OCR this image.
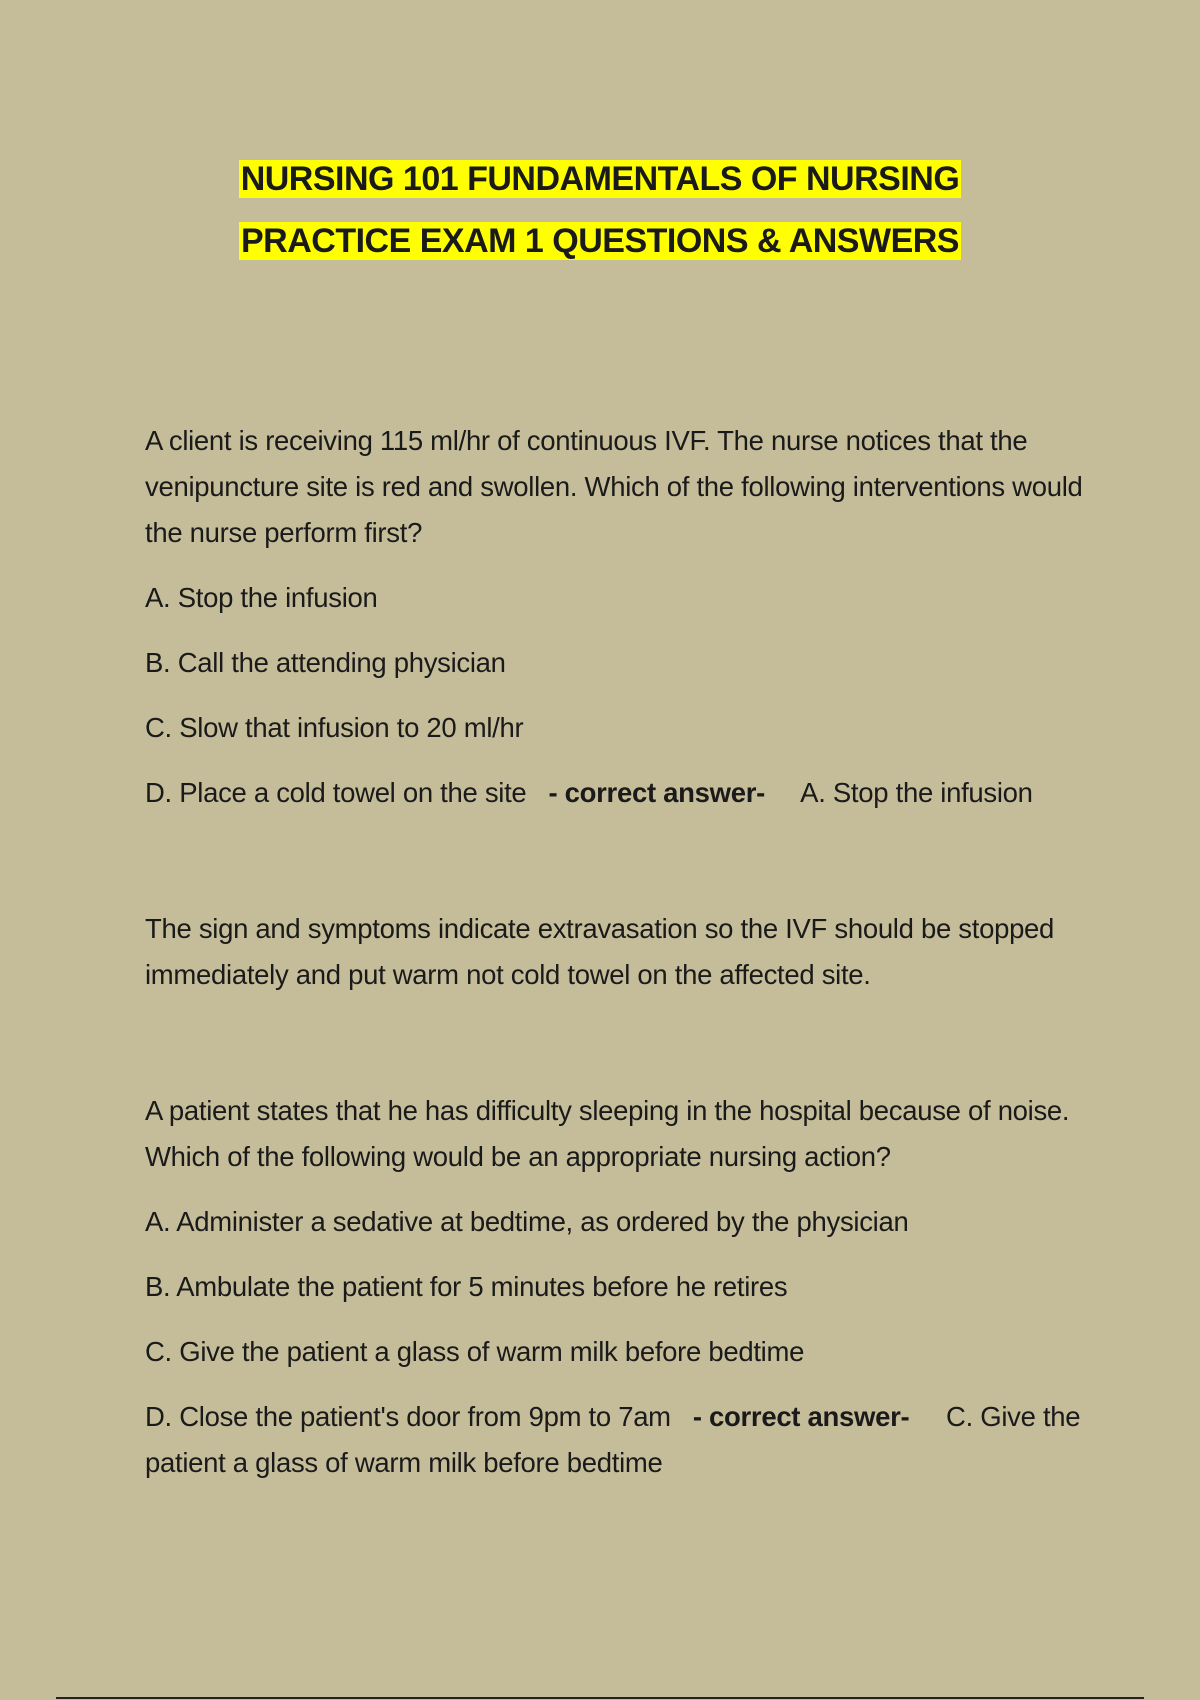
NURSING 101 FUNDAMENTALS OF NURSING
PRACTICE EXAM 1 QUESTIONS & ANSWERS

A client is receiving 115 ml/hr of continuous IVF. The nurse notices that the venipuncture site is red and swollen. Which of the following interventions would the nurse perform first?

A. Stop the infusion

B. Call the attending physician

C. Slow that infusion to 20 ml/hr

D. Place a cold towel on the site - correct answer- A. Stop the infusion

The sign and symptoms indicate extravasation so the IVF should be stopped immediately and put warm not cold towel on the affected site.

A patient states that he has difficulty sleeping in the hospital because of noise. Which of the following would be an appropriate nursing action?

A. Administer a sedative at bedtime, as ordered by the physician

B. Ambulate the patient for 5 minutes before he retires

C. Give the patient a glass of warm milk before bedtime

D. Close the patient's door from 9pm to 7am - correct answer- C. Give the patient a glass of warm milk before bedtime
